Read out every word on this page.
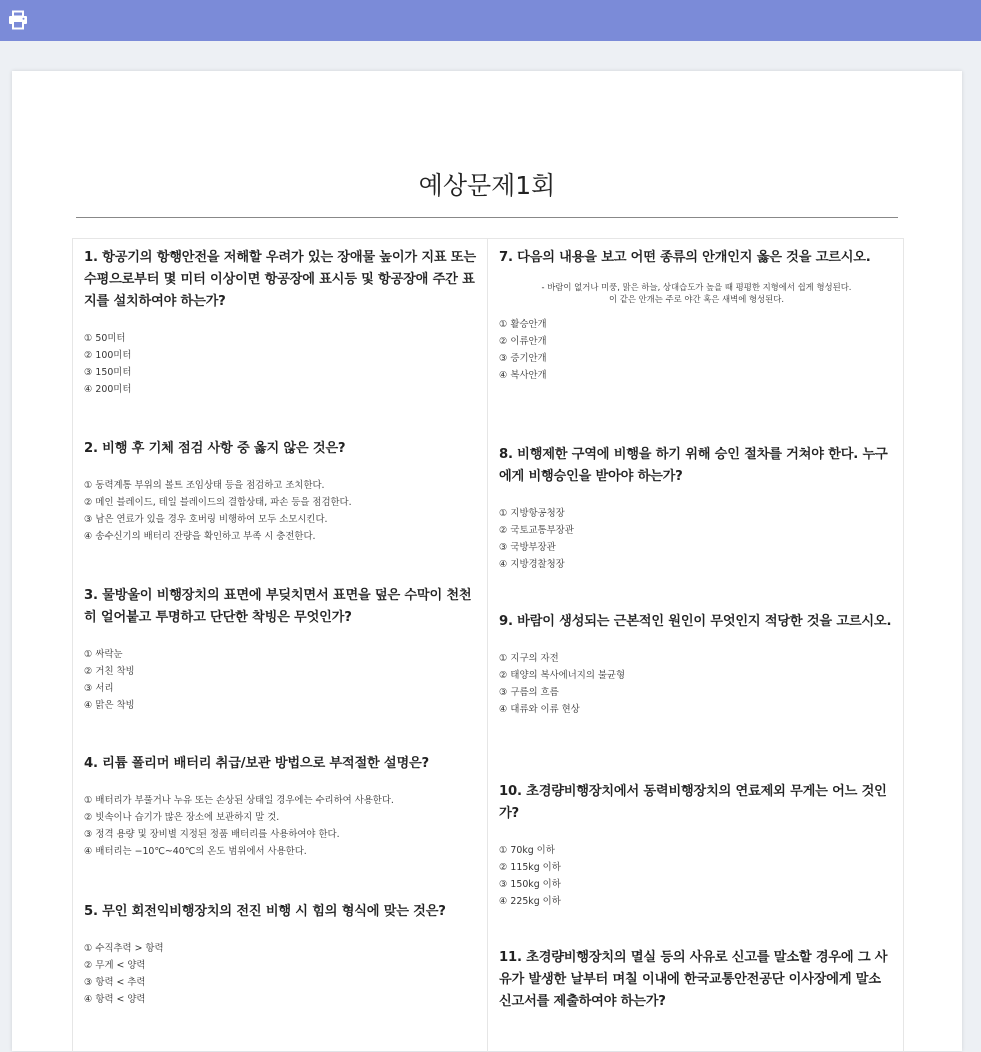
예상문제1회
1. 항공기의 항행안전을 저해할 우려가 있는 장애물 높이가 지표 또는 수평으로부터 몇 미터 이상이면 항공장에 표시등 및 항공장애 주간 표지를 설치하여야 하는가?
① 50미터
② 100미터
③ 150미터
④ 200미터
2. 비행 후 기체 점검 사항 중 옳지 않은 것은?
① 동력계통 부위의 볼트 조임상태 등을 점검하고 조치한다.
② 메인 블레이드, 테일 블레이드의 결합상태, 파손 등을 점검한다.
③ 남은 연료가 있을 경우 호버링 비행하여 모두 소모시킨다.
④ 송수신기의 배터리 잔량을 확인하고 부족 시 충전한다.
3. 물방울이 비행장치의 표면에 부딪치면서 표면을 덮은 수막이 천천히 얼어붙고 투명하고 단단한 착빙은 무엇인가?
① 싸락눈
② 거친 착빙
③ 서리
④ 맑은 착빙
4. 리튬 폴리머 배터리 취급/보관 방법으로 부적절한 설명은?
① 배터리가 부풀거나 누유 또는 손상된 상태일 경우에는 수리하여 사용한다.
② 빗속이나 습기가 많은 장소에 보관하지 말 것.
③ 정격 용량 및 장비별 지정된 정품 배터리를 사용하여야 한다.
④ 배터리는 −10℃~40℃의 온도 범위에서 사용한다.
5. 무인 회전익비행장치의 전진 비행 시 힘의 형식에 맞는 것은?
① 수직추력 > 항력
② 무게 < 양력
③ 항력 < 추력
④ 항력 < 양력
7. 다음의 내용을 보고 어떤 종류의 안개인지 옳은 것을 고르시오.
- 바람이 없거나 미풍, 맑은 하늘, 상대습도가 높을 때 평평한 지형에서 쉽게 형성된다.
이 같은 안개는 주로 야간 혹은 새벽에 형성된다.
① 활승안개
② 이류안개
③ 증기안개
④ 복사안개
8. 비행제한 구역에 비행을 하기 위해 승인 절차를 거쳐야 한다. 누구에게 비행승인을 받아야 하는가?
① 지방항공청장
② 국토교통부장관
③ 국방부장관
④ 지방경찰청장
9. 바람이 생성되는 근본적인 원인이 무엇인지 적당한 것을 고르시오.
① 지구의 자전
② 태양의 복사에너지의 불균형
③ 구름의 흐름
④ 대류와 이류 현상
10. 초경량비행장치에서 동력비행장치의 연료제외 무게는 어느 것인가?
① 70kg 이하
② 115kg 이하
③ 150kg 이하
④ 225kg 이하
11. 초경량비행장치의 멸실 등의 사유로 신고를 말소할 경우에 그 사유가 발생한 날부터 며칠 이내에 한국교통안전공단 이사장에게 말소 신고서를 제출하여야 하는가?
